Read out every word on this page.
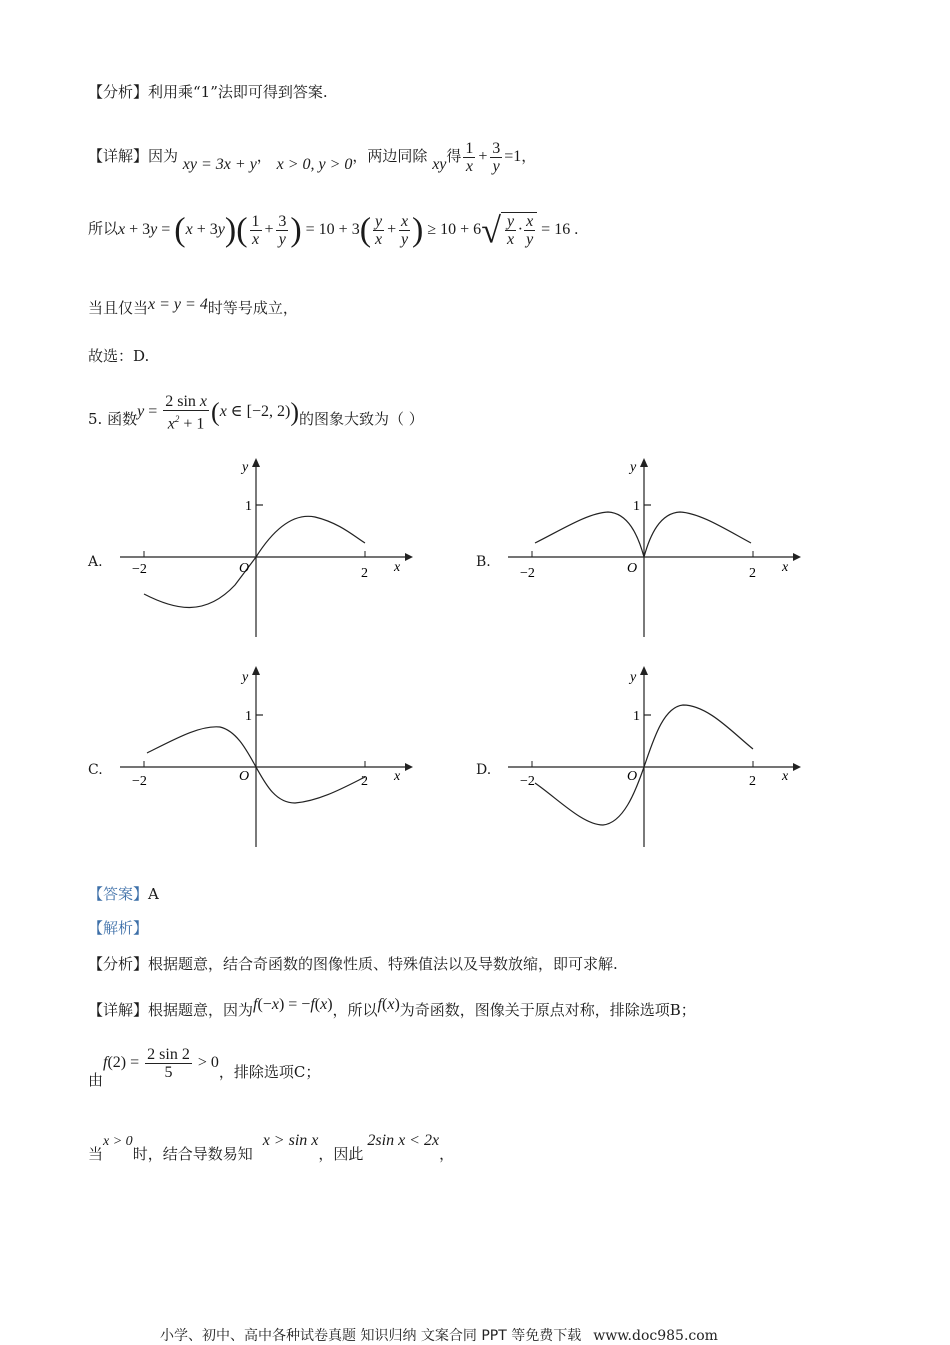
【分析】利用乘“1”法即可得到答案.
【详解】因为 xy = 3x + y， x > 0, y > 0，两边同除 xy得 $\frac{1}{x} + \frac{3}{y} =1$，
所以$x + 3y = (x + 3y)( \frac{1}{x} + \frac{3}{y}$ ) = $10 + 3( \frac{y}{x} + \frac{x}{y}$ ) ≥ $10 + 6√ \frac{y}{x} \cdot \frac{x}{y} = 16$ .
当且仅当x = y = 4时等号成立，
故选：D.
5. 函数$y = \frac{\text{2 sin x}}{x^2 + 1} (x$ ∈ [−2, 2))的图象大致为（ ）
A.	B.
C.	D.
y
x
O
1
−2	2
y
x
O
1
−2	2
y
x
O
1
−2	2
y
x
O
1
−2	2
【答案】A
【解析】
【分析】根据题意，结合奇函数的图像性质、特殊值法以及导数放缩，即可求解.
【详解】根据题意，因为f(−x) = −f(x)，所以f(x)为奇函数，图像关于原点对称，排除选项B；
由$f(2) = \frac{2 \sin 2}{5} > 0$，排除选项C；
当x > 0时，结合导数易知x > sin x，因此2sin x < 2x，
小学、初中、高中各种试卷真题 知识归纳 文案合同 PPT 等免费下载 www.doc985.com
